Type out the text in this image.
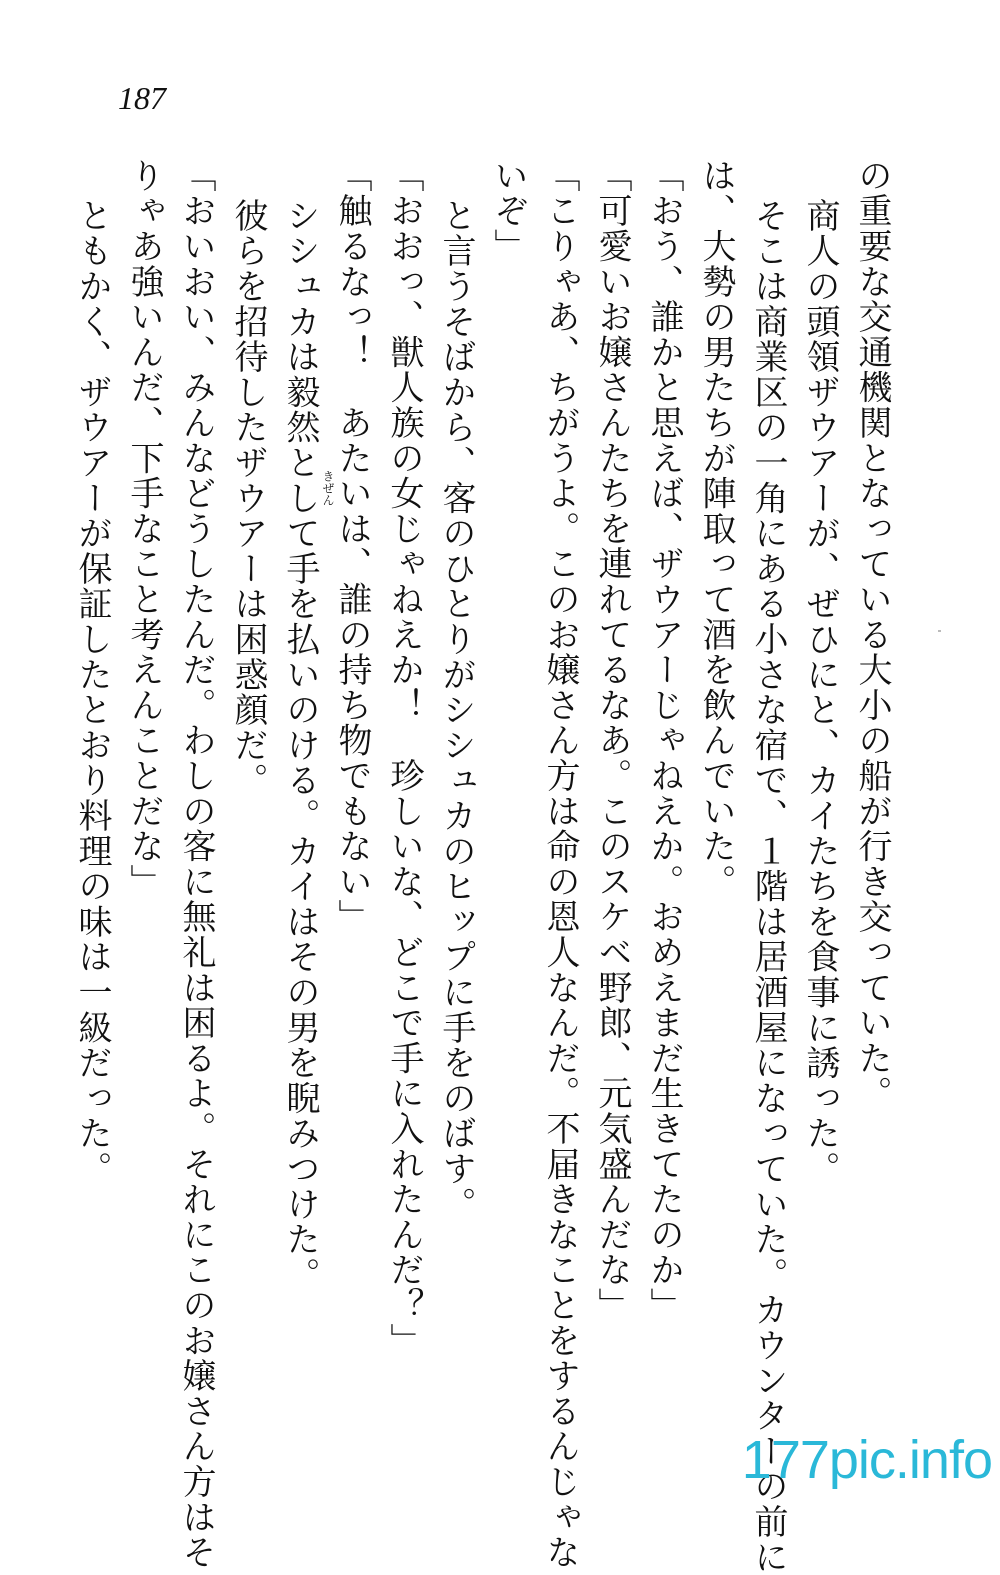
187
の重要な交通機関となっている大小の船が行き交っていた。
商人の頭領ザウアーが、ぜひにと、カイたちを食事に誘った。
そこは商業区の一角にある小さな宿で、１階は居酒屋になっていた。カウンターの前に
は、大勢の男たちが陣取って酒を飲んでいた。
「おう、誰かと思えば、ザウアーじゃねえか。おめえまだ生きてたのか」
「可愛いお嬢さんたちを連れてるなあ。このスケベ野郎、元気盛んだな」
「こりゃあ、ちがうよ。このお嬢さん方は命の恩人なんだ。不届きなことをするんじゃな
いぞ」
と言うそばから、客のひとりがシシュカのヒップに手をのばす。
「おおっ、獣人族の女じゃねえか！　珍しいな、どこで手に入れたんだ？」
「触るなっ！　あたいは、誰の持ち物でもない」
シシュカは毅然として手を払いのける。カイはその男を睨みつけた。 きぜん
彼らを招待したザウアーは困惑顔だ。
「おいおい、みんなどうしたんだ。わしの客に無礼は困るよ。それにこのお嬢さん方はそ
りゃあ強いんだ、下手なこと考えんことだな」
ともかく、ザウアーが保証したとおり料理の味は一級だった。
177pic.info
